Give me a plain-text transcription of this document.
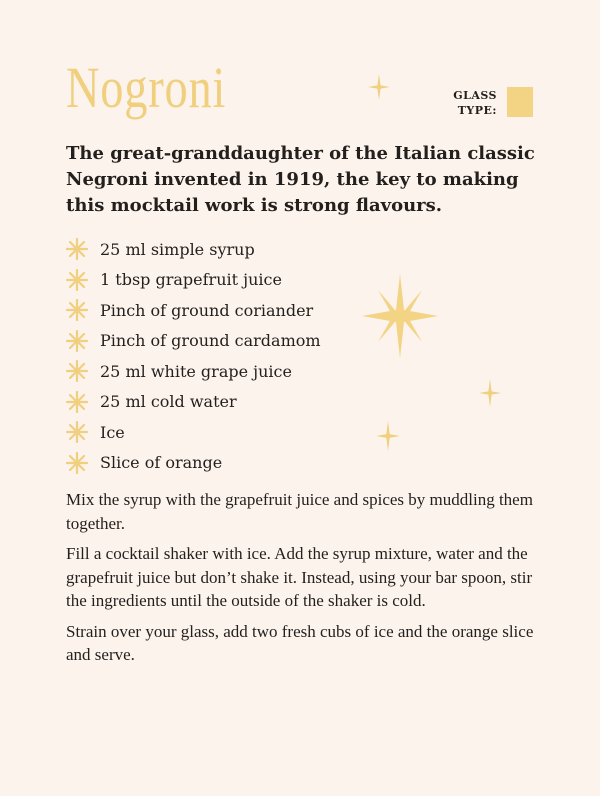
Nogroni	GLASS
TYPE:

The great-granddaughter of the Italian classic Negroni invented in 1919, the key to making this mocktail work is strong flavours.

25 ml simple syrup
1 tbsp grapefruit juice
Pinch of ground coriander
Pinch of ground cardamom
25 ml white grape juice
25 ml cold water
Ice
Slice of orange

Mix the syrup with the grapefruit juice and spices by muddling them together.

Fill a cocktail shaker with ice. Add the syrup mixture, water and the grapefruit juice but don’t shake it. Instead, using your bar spoon, stir the ingredients until the outside of the shaker is cold.

Strain over your glass, add two fresh cubs of ice and the orange slice and serve.
